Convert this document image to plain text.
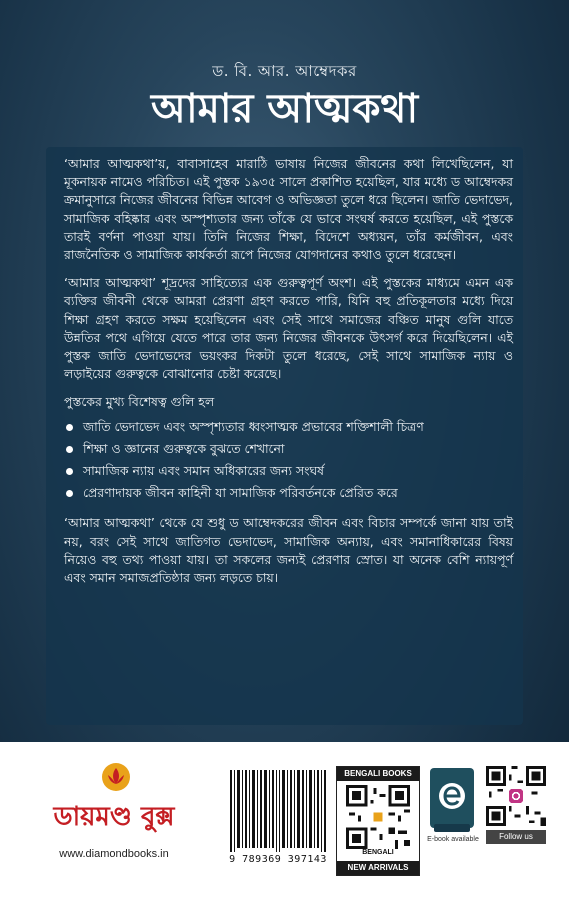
ড. বি. আর. আম্বেদকর
আমার আত্মকথা

‘আমার আত্মকথা’য়, বাবাসাহেব মারাঠি ভাষায় নিজের জীবনের কথা লিখেছিলেন, যা মূকনায়ক নামেও পরিচিত। এই পুস্তক ১৯৩৫ সালে প্রকাশিত হয়েছিল, যার মধ্যে ড আম্বেদকর ক্রমানুসারে নিজের জীবনের বিভিন্ন আবেগ ও অভিজ্ঞতা তুলে ধরে ছিলেন। জাতি ভেদাভেদ, সামাজিক বহিষ্কার এবং অস্পৃশ্যতার জন্য তাঁকে যে ভাবে সংঘর্ষ করতে হয়েছিল, এই পুস্তকে তারই বর্ণনা পাওয়া যায়। তিনি নিজের শিক্ষা, বিদেশে অধ্যয়ন, তাঁর কর্মজীবন, এবং রাজনৈতিক ও সামাজিক কার্যকর্তা রূপে নিজের যোগদানের কথাও তুলে ধরেছেন।

‘আমার আত্মকথা’ শূদ্রদের সাহিত্যের এক গুরুত্বপূর্ণ অংশ। এই পুস্তকের মাধ্যমে এমন এক ব্যক্তির জীবনী থেকে আমরা প্রেরণা গ্রহণ করতে পারি, যিনি বহু প্রতিকূলতার মধ্যে দিয়ে শিক্ষা গ্রহণ করতে সক্ষম হয়েছিলেন এবং সেই সাথে সমাজের বঞ্চিত মানুষ গুলি যাতে উন্নতির পথে এগিয়ে যেতে পারে তার জন্য নিজের জীবনকে উৎসর্গ করে দিয়েছিলেন। এই পুস্তক জাতি ভেদাভেদের ভয়ংকর দিকটা তুলে ধরেছে, সেই সাথে সামাজিক ন্যায় ও লড়াইয়ের গুরুত্বকে বোঝানোর চেষ্টা করেছে।

পুস্তকের মুখ্য বিশেষত্ব গুলি হল
জাতি ভেদাভেদ এবং অস্পৃশ্যতার ধ্বংসাত্মক প্রভাবের শক্তিশালী চিত্রণ
শিক্ষা ও জ্ঞানের গুরুত্বকে বুঝতে শেখানো
সামাজিক ন্যায় এবং সমান অধিকারের জন্য সংঘর্ষ
প্রেরণাদায়ক জীবন কাহিনী যা সামাজিক পরিবর্তনকে প্রেরিত করে

‘আমার আত্মকথা’ থেকে যে শুধু ড আম্বেদকরের জীবন এবং বিচার সম্পর্কে জানা যায় তাই নয়, বরং সেই সাথে জাতিগত ভেদাভেদ, সামাজিক অন্যায়, এবং সমানাধিকারের বিষয় নিয়েও বহু তথ্য পাওয়া যায়। তা সকলের জন্যই প্রেরণার স্রোত। যা অনেক বেশি ন্যায়পূর্ণ এবং সমান সমাজপ্রতিষ্ঠার জন্য লড়তে চায়।

ডায়মণ্ড বুক্স
www.diamondbooks.in	9 789369 397143
BENGALI BOOKS
BENGALI
NEW ARRIVALS
E-book available	Follow us
